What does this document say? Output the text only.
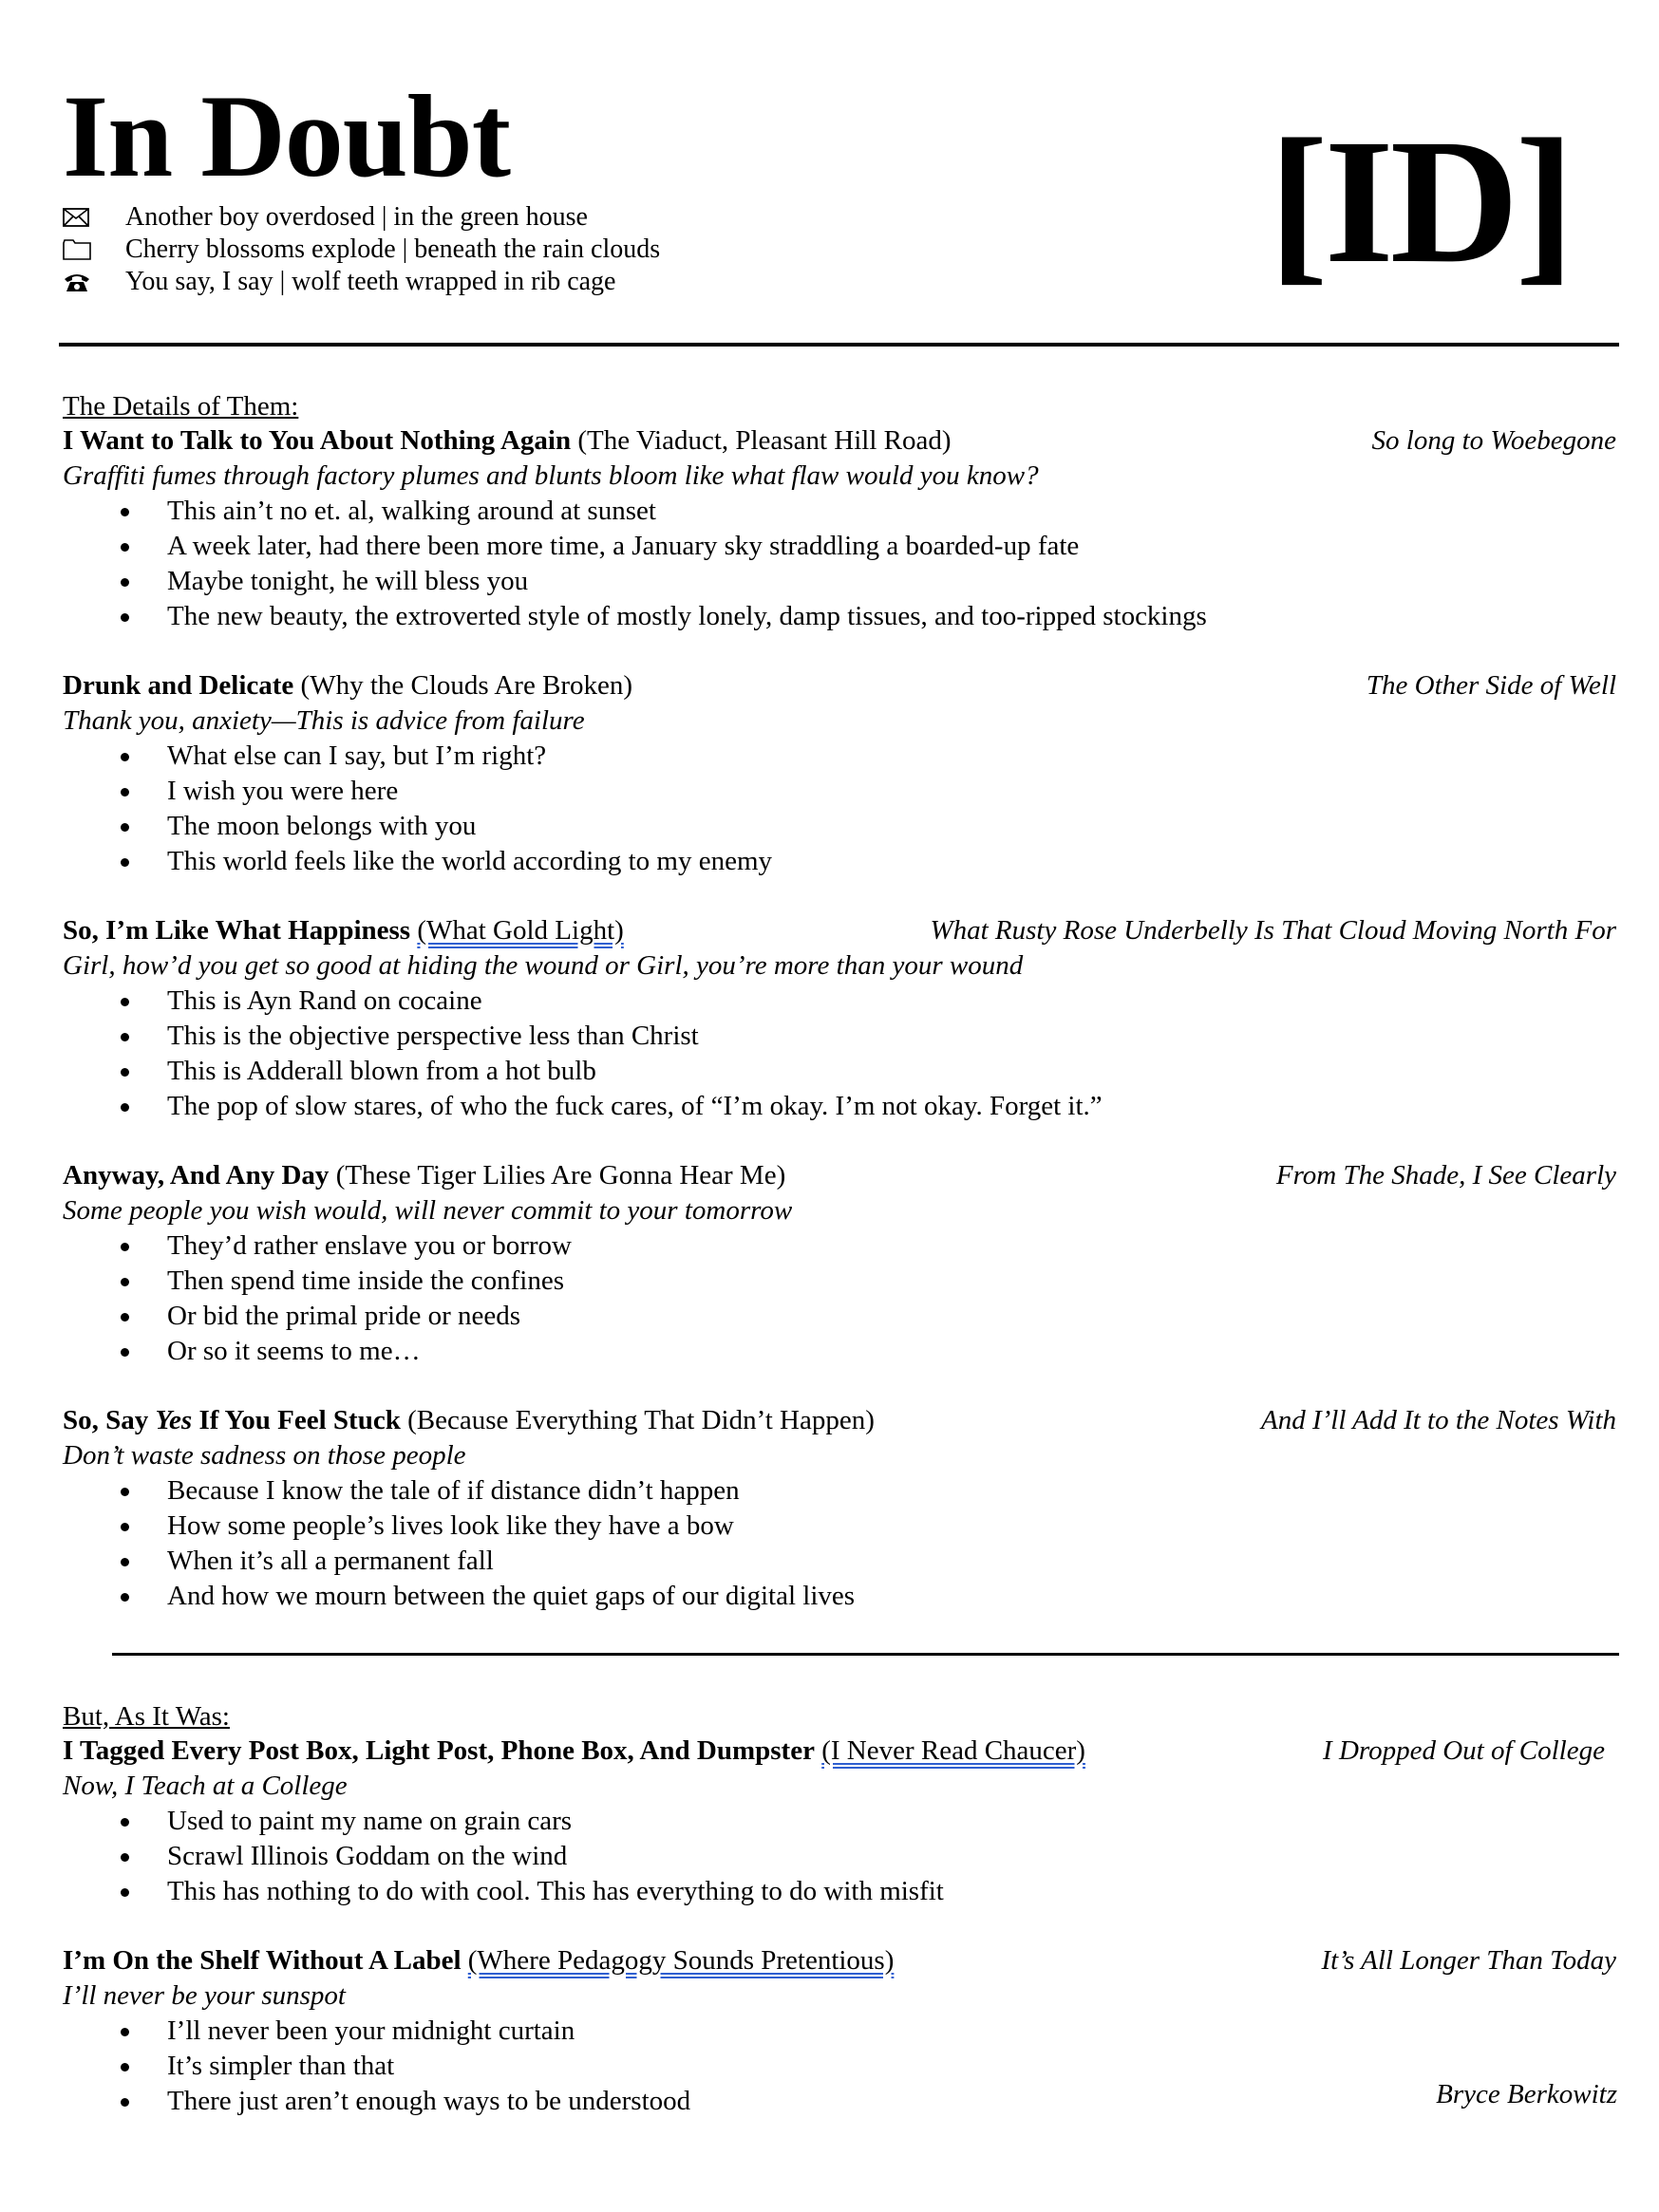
In Doubt	[ID]
Another boy overdosed | in the green house
Cherry blossoms explode | beneath the rain clouds
You say, I say | wolf teeth wrapped in rib cage
The Details of Them:
I Want to Talk to You About Nothing Again (The Viaduct, Pleasant Hill Road)	So long to Woebegone
Graffiti fumes through factory plumes and blunts bloom like what flaw would you know?
This ain’t no et. al, walking around at sunset
A week later, had there been more time, a January sky straddling a boarded-up fate
Maybe tonight, he will bless you
The new beauty, the extroverted style of mostly lonely, damp tissues, and too-ripped stockings
Drunk and Delicate (Why the Clouds Are Broken)	The Other Side of Well
Thank you, anxiety—This is advice from failure
What else can I say, but I’m right?
I wish you were here
The moon belongs with you
This world feels like the world according to my enemy
So, I’m Like What Happiness (What Gold Light)	What Rusty Rose Underbelly Is That Cloud Moving North For
Girl, how’d you get so good at hiding the wound or Girl, you’re more than your wound
This is Ayn Rand on cocaine
This is the objective perspective less than Christ
This is Adderall blown from a hot bulb
The pop of slow stares, of who the fuck cares, of “I’m okay. I’m not okay. Forget it.”
Anyway, And Any Day (These Tiger Lilies Are Gonna Hear Me)	From The Shade, I See Clearly
Some people you wish would, will never commit to your tomorrow
They’d rather enslave you or borrow
Then spend time inside the confines
Or bid the primal pride or needs
Or so it seems to me…
So, Say Yes If You Feel Stuck (Because Everything That Didn’t Happen)	And I’ll Add It to the Notes With
Don’t waste sadness on those people
Because I know the tale of if distance didn’t happen
How some people’s lives look like they have a bow
When it’s all a permanent fall
And how we mourn between the quiet gaps of our digital lives
But, As It Was:
I Tagged Every Post Box, Light Post, Phone Box, And Dumpster (I Never Read Chaucer)	I Dropped Out of College
Now, I Teach at a College
Used to paint my name on grain cars
Scrawl Illinois Goddam on the wind
This has nothing to do with cool. This has everything to do with misfit
I’m On the Shelf Without A Label (Where Pedagogy Sounds Pretentious)	It’s All Longer Than Today
I’ll never be your sunspot
I’ll never been your midnight curtain
It’s simpler than that
There just aren’t enough ways to be understood	Bryce Berkowitz
